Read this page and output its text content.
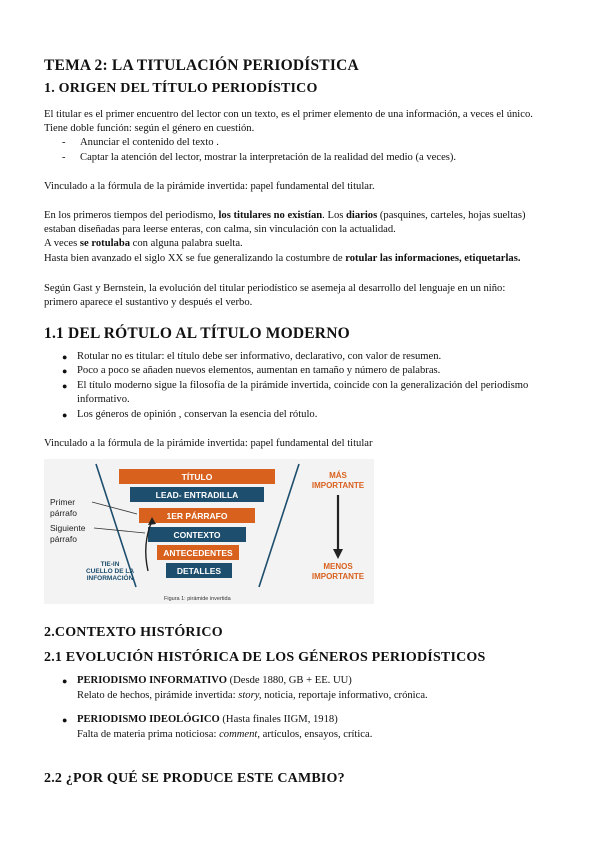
TEMA 2: LA TITULACIÓN PERIODÍSTICA
1. ORIGEN DEL TÍTULO PERIODÍSTICO
El titular es el primer encuentro del lector con un texto, es el primer elemento de una información, a veces el único.
Tiene doble función: según el género en cuestión.
- Anunciar el contenido del texto .
- Captar la atención del lector, mostrar la interpretación de la realidad del medio (a veces).
Vinculado a la fórmula de la pirámide invertida: papel fundamental del titular.
En los primeros tiempos del periodismo, los titulares no existían. Los diarios (pasquines, carteles, hojas sueltas)
estaban diseñadas para leerse enteras, con calma, sin vinculación con la actualidad.
A veces se rotulaba con alguna palabra suelta.
Hasta bien avanzado el siglo XX se fue generalizando la costumbre de rotular las informaciones, etiquetarlas.
Según Gast y Bernstein, la evolución del titular periodístico se asemeja al desarrollo del lenguaje en un niño:
primero aparece el sustantivo y después el verbo.
1.1 DEL RÓTULO AL TÍTULO MODERNO
● Rotular no es titular: el título debe ser informativo, declarativo, con valor de resumen.
● Poco a poco se añaden nuevos elementos, aumentan en tamaño y número de palabras.
● El título moderno sigue la filosofía de la pirámide invertida, coincide con la generalización del periodismo
informativo.
● Los géneros de opinión , conservan la esencia del rótulo.
Vinculado a la fórmula de la pirámide invertida: papel fundamental del titular
TÍTULO
LEAD- ENTRADILLA
1ER PÁRRAFO
CONTEXTO
ANTECEDENTES
DETALLES
Primer
párrafo
Siguiente
párrafo
TIE-IN
CUELLO DE LA
INFORMACIÓN
MÁS
IMPORTANTE
MENOS
IMPORTANTE
Figura 1: pirámide invertida
2.CONTEXTO HISTÓRICO
2.1 EVOLUCIÓN HISTÓRICA DE LOS GÉNEROS PERIODÍSTICOS
● PERIODISMO INFORMATIVO (Desde 1880, GB + EE. UU)
Relato de hechos, pirámide invertida: story, noticia, reportaje informativo, crónica.
● PERIODISMO IDEOLÓGICO (Hasta finales IIGM, 1918)
Falta de materia prima noticiosa: comment, artículos, ensayos, crítica.
2.2 ¿POR QUÉ SE PRODUCE ESTE CAMBIO?
